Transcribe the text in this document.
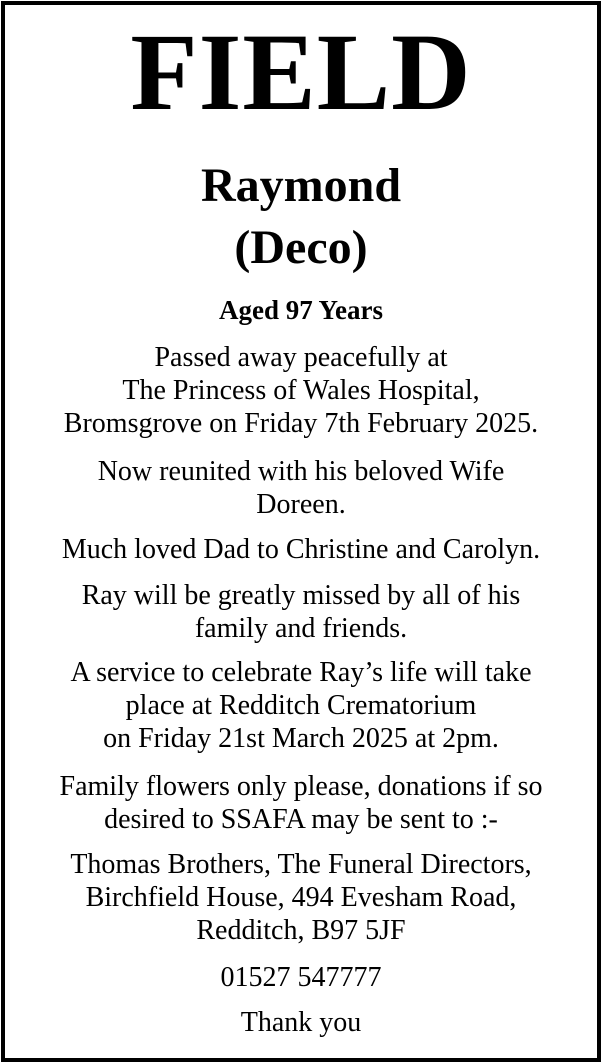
FIELD
Raymond
(Deco)
Aged 97 Years
Passed away peacefully at
The Princess of Wales Hospital,
Bromsgrove on Friday 7th February 2025.
Now reunited with his beloved Wife
Doreen.
Much loved Dad to Christine and Carolyn.
Ray will be greatly missed by all of his
family and friends.
A service to celebrate Ray’s life will take
place at Redditch Crematorium
on Friday 21st March 2025 at 2pm.
Family flowers only please, donations if so
desired to SSAFA may be sent to :-
Thomas Brothers, The Funeral Directors,
Birchfield House, 494 Evesham Road,
Redditch, B97 5JF
01527 547777
Thank you
